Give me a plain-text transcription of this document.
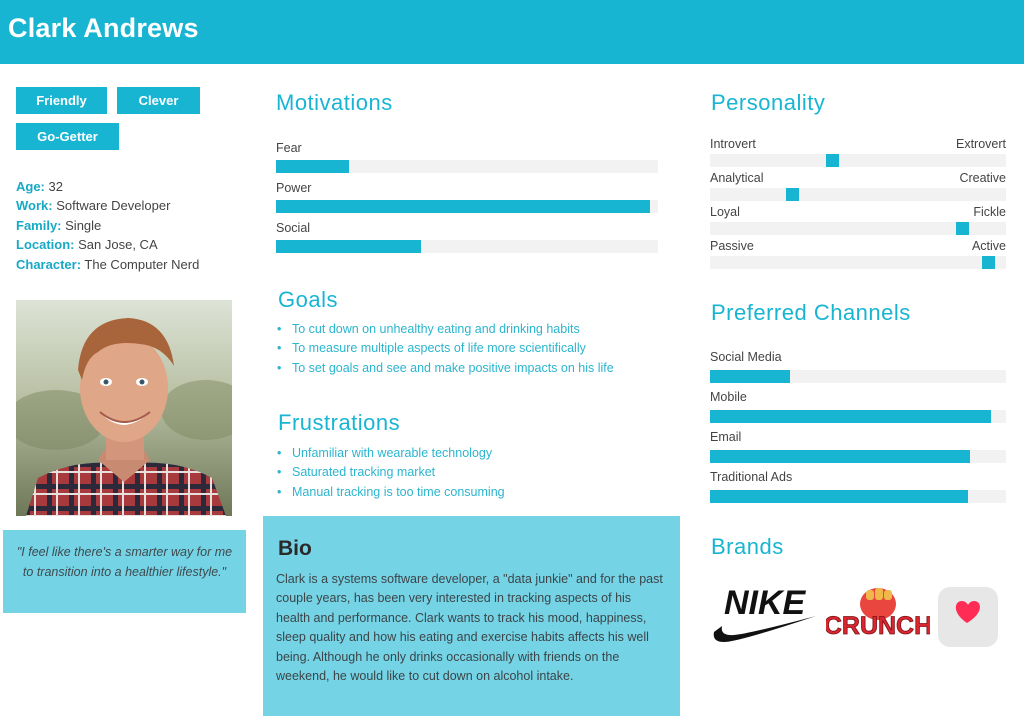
Clark Andrews
Friendly	Clever
Go-Getter
Age: 32
Work: Software Developer
Family: Single
Location: San Jose, CA
Character: The Computer Nerd

"I feel like there's a smarter way for me to transition into a healthier lifestyle."

Motivations
Fear
Power
Social
Goals
• To cut down on unhealthy eating and drinking habits
• To measure multiple aspects of life more scientifically
• To set goals and see and make positive impacts on his life
Frustrations
• Unfamiliar with wearable technology
• Saturated tracking market
• Manual tracking is too time consuming
Bio

Clark is a systems software developer, a "data junkie" and for the past couple years, has been very interested in tracking aspects of his health and performance. Clark wants to track his mood, happiness, sleep quality and how his eating and exercise habits affects his well being. Although he only drinks occasionally with friends on the weekend, he would like to cut down on alcohol intake.

Personality
Introvert	Extrovert
Analytical	Creative
Loyal	Fickle
Passive	Active
Preferred Channels
Social Media
Mobile
Email
Traditional Ads
Brands
NIKE
CRUNCH
